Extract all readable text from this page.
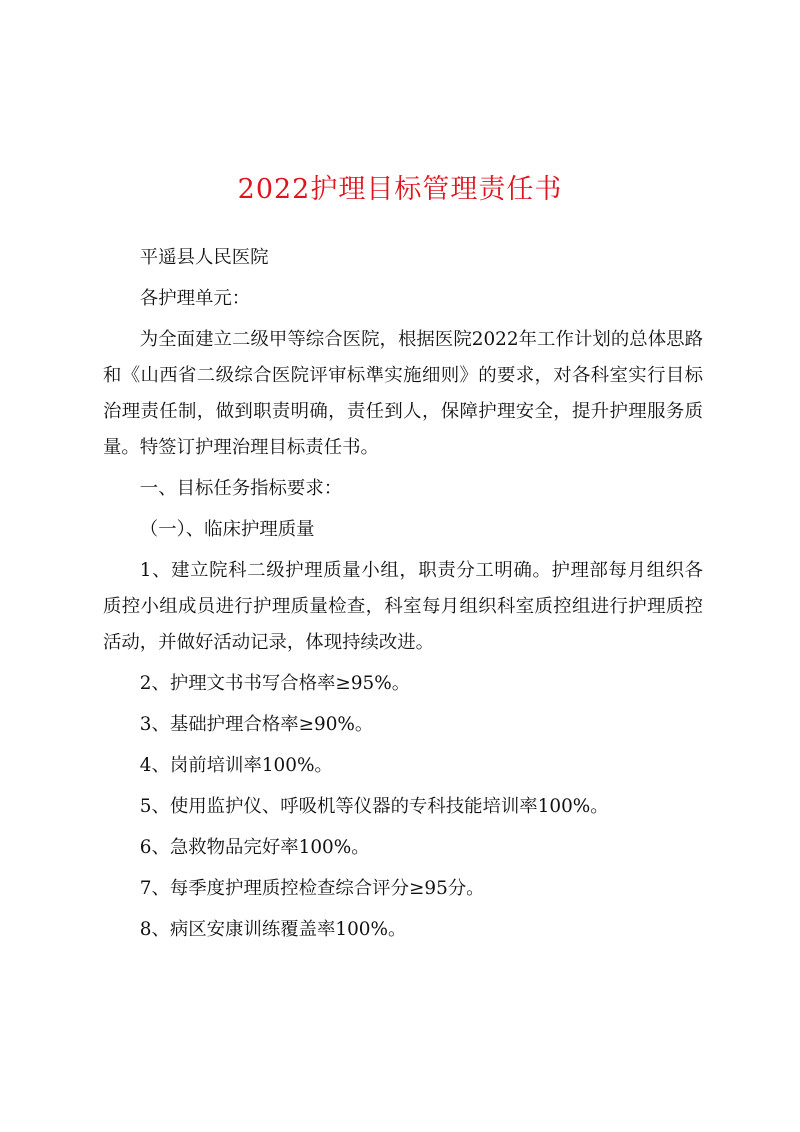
2022护理目标管理责任书

平遥县人民医院

各护理单元：

为全面建立二级甲等综合医院，根据医院2022年工作计划的总体思路和《山西省二级综合医院评审标準实施细则》的要求，对各科室实行目标治理责任制，做到职责明确，责任到人，保障护理安全，提升护理服务质量。特签订护理治理目标责任书。

一、目标任务指标要求：

（一）、临床护理质量

1、建立院科二级护理质量小组，职责分工明确。护理部每月组织各质控小组成员进行护理质量检查，科室每月组织科室质控组进行护理质控活动，并做好活动记录，体现持续改进。

2、护理文书书写合格率≥95%。

3、基础护理合格率≥90%。

4、岗前培训率100%。

5、使用监护仪、呼吸机等仪器的专科技能培训率100%。

6、急救物品完好率100%。

7、每季度护理质控检查综合评分≥95分。

8、病区安康训练覆盖率100%。
